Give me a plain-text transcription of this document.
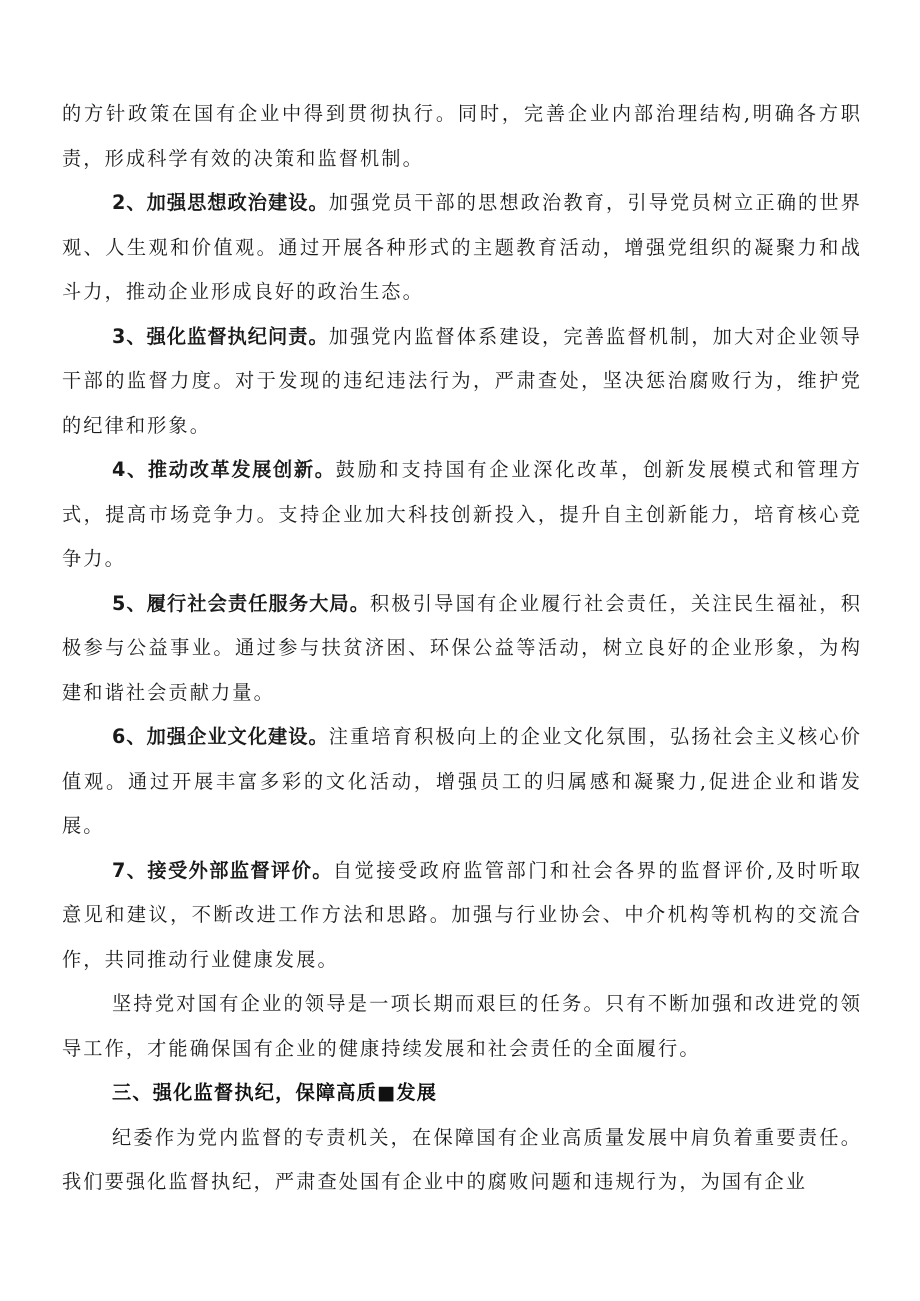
的方针政策在国有企业中得到贯彻执行。同时，完善企业内部治理结构,明确各方职责，形成科学有效的决策和监督机制。

2、加强思想政治建设。加强党员干部的思想政治教育，引导党员树立正确的世界观、人生观和价值观。通过开展各种形式的主题教育活动，增强党组织的凝聚力和战斗力，推动企业形成良好的政治生态。

3、强化监督执纪问责。加强党内监督体系建设，完善监督机制，加大对企业领导干部的监督力度。对于发现的违纪违法行为，严肃查处，坚决惩治腐败行为，维护党的纪律和形象。

4、推动改革发展创新。鼓励和支持国有企业深化改革，创新发展模式和管理方式，提高市场竞争力。支持企业加大科技创新投入，提升自主创新能力，培育核心竞争力。

5、履行社会责任服务大局。积极引导国有企业履行社会责任，关注民生福祉，积极参与公益事业。通过参与扶贫济困、环保公益等活动，树立良好的企业形象，为构建和谐社会贡献力量。

6、加强企业文化建设。注重培育积极向上的企业文化氛围，弘扬社会主义核心价值观。通过开展丰富多彩的文化活动，增强员工的归属感和凝聚力,促进企业和谐发展。

7、接受外部监督评价。自觉接受政府监管部门和社会各界的监督评价,及时听取意见和建议，不断改进工作方法和思路。加强与行业协会、中介机构等机构的交流合作，共同推动行业健康发展。

坚持党对国有企业的领导是一项长期而艰巨的任务。只有不断加强和改进党的领导工作，才能确保国有企业的健康持续发展和社会责任的全面履行。

三、强化监督执纪，保障高质■发展

纪委作为党内监督的专责机关，在保障国有企业高质量发展中肩负着重要责任。我们要强化监督执纪，严肃查处国有企业中的腐败问题和违规行为，为国有企业
